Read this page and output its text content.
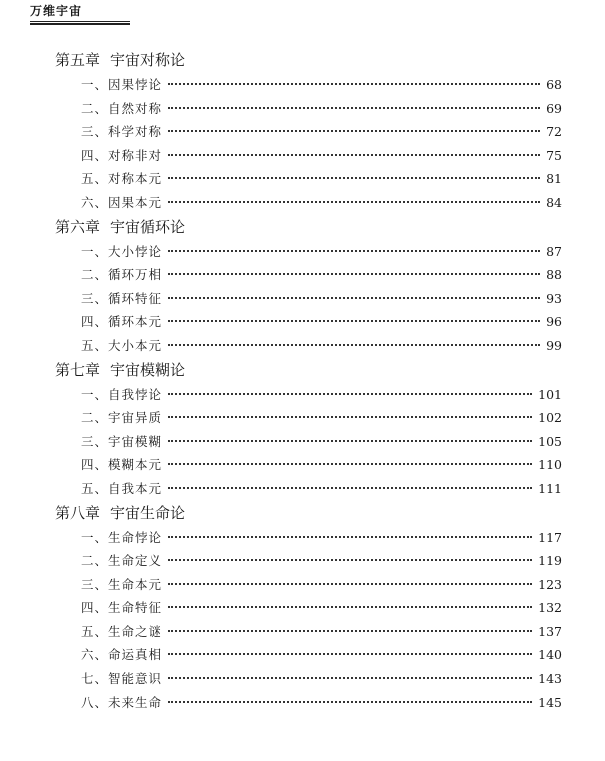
万维宇宙
第五章 宇宙对称论
一、因果悖论	68
二、自然对称	69
三、科学对称	72
四、对称非对	75
五、对称本元	81
六、因果本元	84
第六章 宇宙循环论
一、大小悖论	87
二、循环万相	88
三、循环特征	93
四、循环本元	96
五、大小本元	99
第七章 宇宙模糊论
一、自我悖论	101
二、宇宙异质	102
三、宇宙模糊	105
四、模糊本元	110
五、自我本元	111
第八章 宇宙生命论
一、生命悖论	117
二、生命定义	119
三、生命本元	123
四、生命特征	132
五、生命之谜	137
六、命运真相	140
七、智能意识	143
八、未来生命	145
